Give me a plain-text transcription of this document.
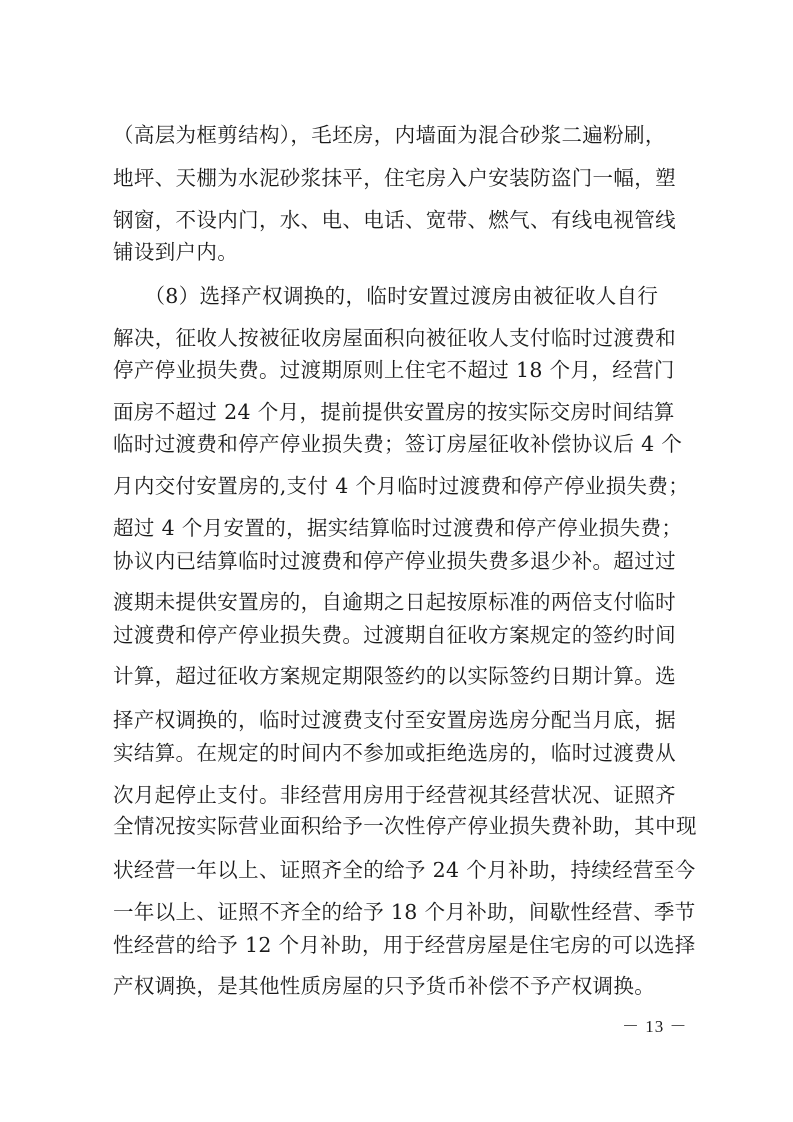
（高层为框剪结构），毛坯房，内墙面为混合砂浆二遍粉刷，
地坪、天棚为水泥砂浆抹平，住宅房入户安装防盗门一幅，塑
钢窗，不设内门，水、电、电话、宽带、燃气、有线电视管线
铺设到户内。
　　（8）选择产权调换的，临时安置过渡房由被征收人自行
解决，征收人按被征收房屋面积向被征收人支付临时过渡费和
停产停业损失费。过渡期原则上住宅不超过 18 个月，经营门
面房不超过 24 个月，提前提供安置房的按实际交房时间结算
临时过渡费和停产停业损失费；签订房屋征收补偿协议后 4 个
月内交付安置房的,支付 4 个月临时过渡费和停产停业损失费；
超过 4 个月安置的，据实结算临时过渡费和停产停业损失费；
协议内已结算临时过渡费和停产停业损失费多退少补。超过过
渡期未提供安置房的，自逾期之日起按原标准的两倍支付临时
过渡费和停产停业损失费。过渡期自征收方案规定的签约时间
计算，超过征收方案规定期限签约的以实际签约日期计算。选
择产权调换的，临时过渡费支付至安置房选房分配当月底，据
实结算。在规定的时间内不参加或拒绝选房的，临时过渡费从
次月起停止支付。非经营用房用于经营视其经营状况、证照齐
全情况按实际营业面积给予一次性停产停业损失费补助，其中现
状经营一年以上、证照齐全的给予 24 个月补助，持续经营至今
一年以上、证照不齐全的给予 18 个月补助，间歇性经营、季节
性经营的给予 12 个月补助，用于经营房屋是住宅房的可以选择
产权调换，是其他性质房屋的只予货币补偿不予产权调换。
－ 13 －
